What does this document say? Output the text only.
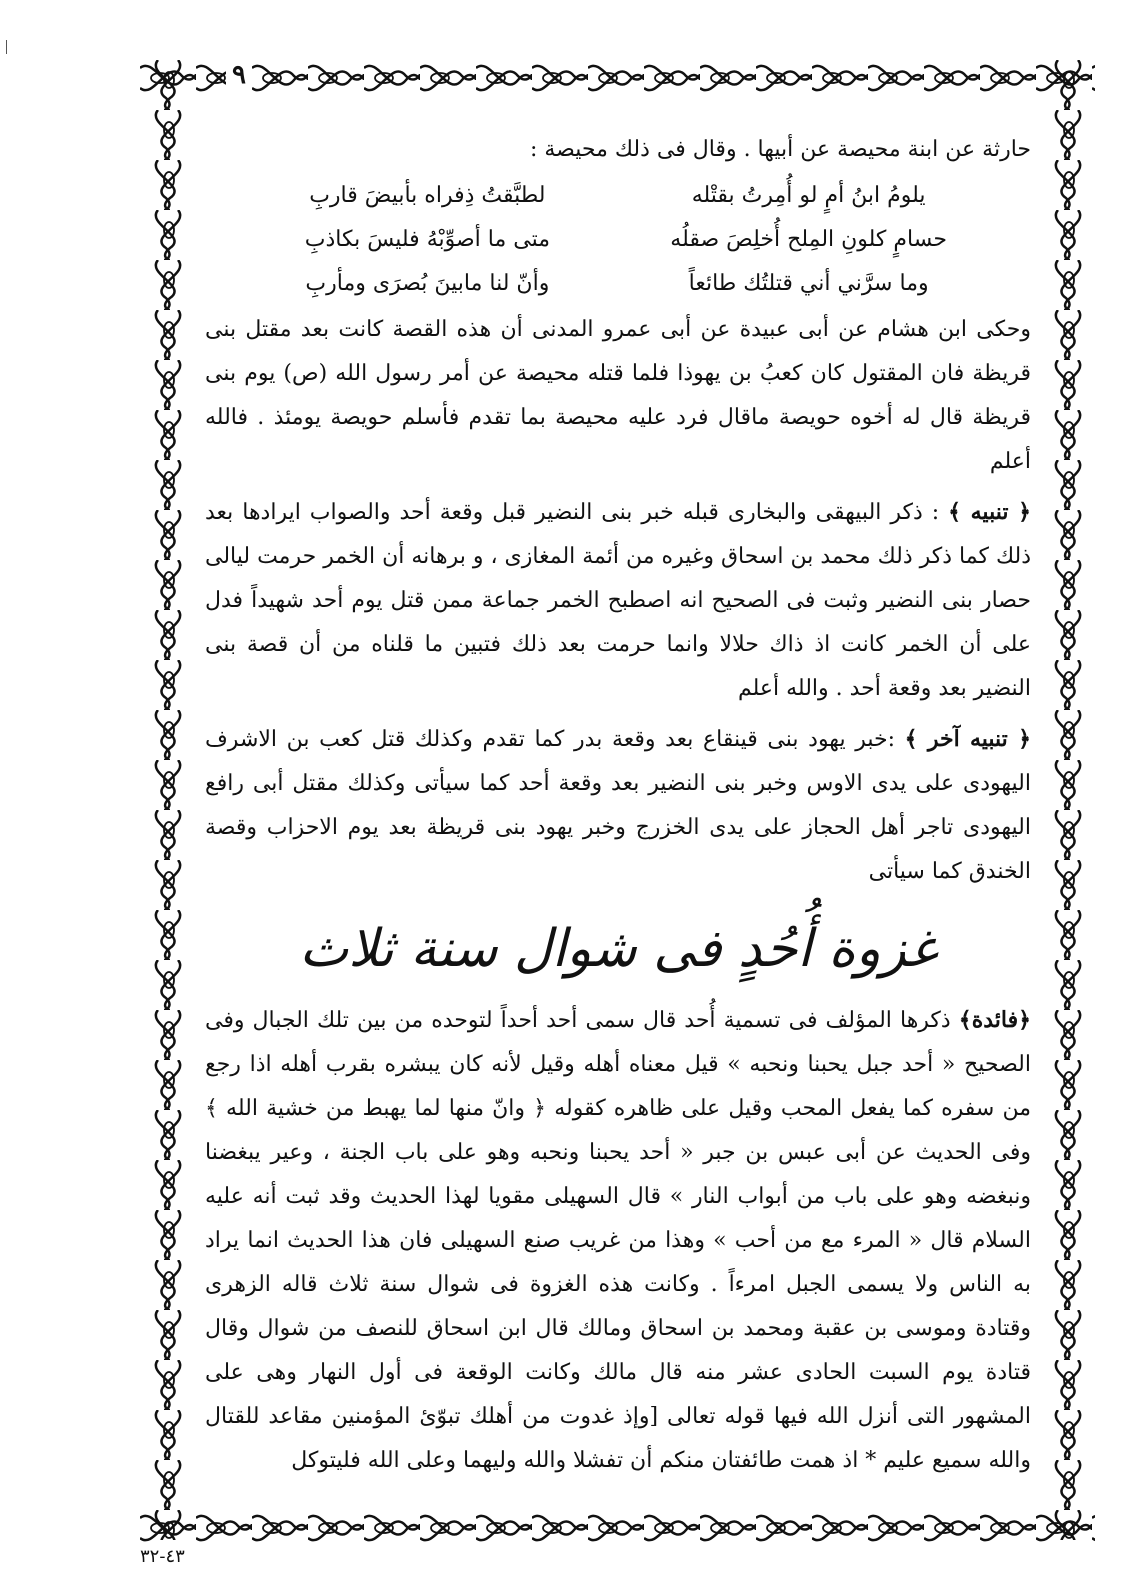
٩

حارثة عن ابنة محيصة عن أبيها . وقال فى ذلك محيصة :

يلومُ ابنُ أمٍ لو أُمِرتُ بقتْله
لطبَّقتُ ذِفراه بأبيضَ قاربِ
حسامٍ كلونِ المِلح أُخلِصَ صقلُه
متى ما أصوِّبْهُ فليسَ بكاذبِ
وما سرَّني أني قتلتُك طائعاً
وأنّ لنا مابينَ بُصرَى ومأربِ

وحكى ابن هشام عن أبى عبيدة عن أبى عمرو المدنى أن هذه القصة كانت بعد مقتل بنى قريظة فان المقتول كان كعبُ بن يهوذا فلما قتله محيصة عن أمر رسول الله (ص) يوم بنى قريظة قال له أخوه حويصة ماقال فرد عليه محيصة بما تقدم فأسلم حويصة يومئذ . فالله أعلم

﴿ تنبيه ﴾ : ذكر البيهقى والبخارى قبله خبر بنى النضير قبل وقعة أحد والصواب ايرادها بعد ذلك كما ذكر ذلك محمد بن اسحاق وغيره من أئمة المغازى ، و برهانه أن الخمر حرمت ليالى حصار بنى النضير وثبت فى الصحيح انه اصطبح الخمر جماعة ممن قتل يوم أحد شهيداً فدل على أن الخمر كانت اذ ذاك حلالا وانما حرمت بعد ذلك فتبين ما قلناه من أن قصة بنى النضير بعد وقعة أحد . والله أعلم

﴿ تنبيه آخر ﴾ :خبر يهود بنى قينقاع بعد وقعة بدر كما تقدم وكذلك قتل كعب بن الاشرف اليهودى على يدى الاوس وخبر بنى النضير بعد وقعة أحد كما سيأتى وكذلك مقتل أبى رافع اليهودى تاجر أهل الحجاز على يدى الخزرج وخبر يهود بنى قريظة بعد يوم الاحزاب وقصة الخندق كما سيأتى

غزوة أُحُدٍ فى شوال سنة ثلاث

﴿فائدة﴾ ذكرها المؤلف فى تسمية أُحد قال سمى أحد أحداً لتوحده من بين تلك الجبال وفى الصحيح « أحد جبل يحبنا ونحبه » قيل معناه أهله وقيل لأنه كان يبشره بقرب أهله اذا رجع من سفره كما يفعل المحب وقيل على ظاهره كقوله ﴿ وانّ منها لما يهبط من خشية الله ﴾ وفى الحديث عن أبى عبس بن جبر « أحد يحبنا ونحبه وهو على باب الجنة ، وعير يبغضنا ونبغضه وهو على باب من أبواب النار » قال السهيلى مقويا لهذا الحديث وقد ثبت أنه عليه السلام قال « المرء مع من أحب » وهذا من غريب صنع السهيلى فان هذا الحديث انما يراد به الناس ولا يسمى الجبل امرءاً . وكانت هذه الغزوة فى شوال سنة ثلاث قاله الزهرى وقتادة وموسى بن عقبة ومحمد بن اسحاق ومالك قال ابن اسحاق للنصف من شوال وقال قتادة يوم السبت الحادى عشر منه قال مالك وكانت الوقعة فى أول النهار وهى على المشهور التى أنزل الله فيها قوله تعالى [وإذ غدوت من أهلك تبوّئ المؤمنين مقاعد للقتال والله سميع عليم * اذ همت طائفتان منكم أن تفشلا والله وليهما وعلى الله فليتوكل

٤٣-٣٢
